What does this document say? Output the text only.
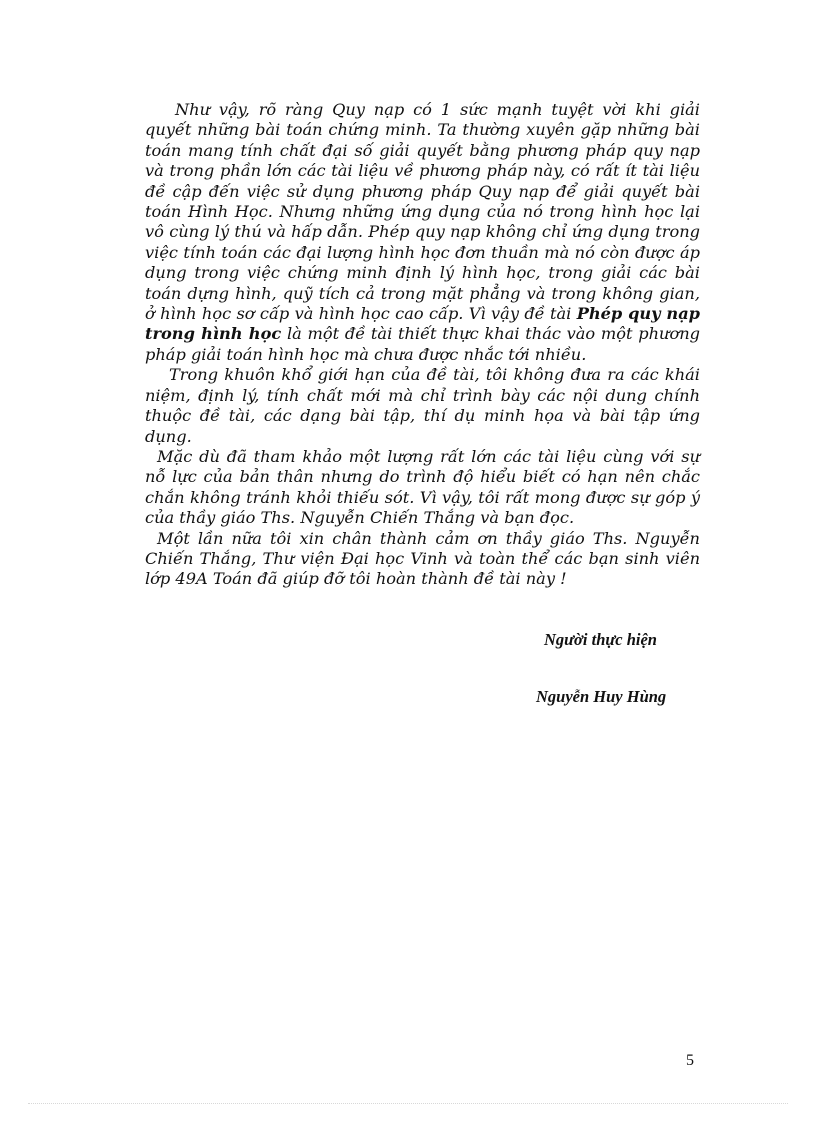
Như vậy, rõ ràng Quy nạp có 1 sức mạnh tuyệt vời khi giải quyết những bài toán chứng minh. Ta thường xuyên gặp những bài toán mang tính chất đại số giải quyết bằng phương pháp quy nạp và trong phần lớn các tài liệu về phương pháp này, có rất ít tài liệu đề cập đến việc sử dụng phương pháp Quy nạp để giải quyết bài toán Hình Học. Nhưng những ứng dụng của nó trong hình học lại vô cùng lý thú và hấp dẫn. Phép quy nạp không chỉ ứng dụng trong việc tính toán các đại lượng hình học đơn thuần mà nó còn được áp dụng trong việc chứng minh định lý hình học, trong giải các bài toán dựng hình, quỹ tích cả trong mặt phẳng và trong không gian, ở hình học sơ cấp và hình học cao cấp. Vì vậy đề tài Phép quy nạp trong hình học là một đề tài thiết thực khai thác vào một phương pháp giải toán hình học mà chưa được nhắc tới nhiều.

Trong khuôn khổ giới hạn của đề tài, tôi không đưa ra các khái niệm, định lý, tính chất mới mà chỉ trình bày các nội dung chính thuộc đề tài, các dạng bài tập, thí dụ minh họa và bài tập ứng dụng.

Mặc dù đã tham khảo một lượng rất lớn các tài liệu cùng với sự nỗ lực của bản thân nhưng do trình độ hiểu biết có hạn nên chắc chắn không tránh khỏi thiếu sót. Vì vậy, tôi rất mong được sự góp ý của thầy giáo Ths. Nguyễn Chiến Thắng và bạn đọc.

Một lần nữa tôi xin chân thành cảm ơn thầy giáo Ths. Nguyễn Chiến Thắng, Thư viện Đại học Vinh và toàn thể các bạn sinh viên lớp 49A Toán đã giúp đỡ tôi hoàn thành đề tài này !

Người thực hiện
Nguyễn Huy Hùng
5
